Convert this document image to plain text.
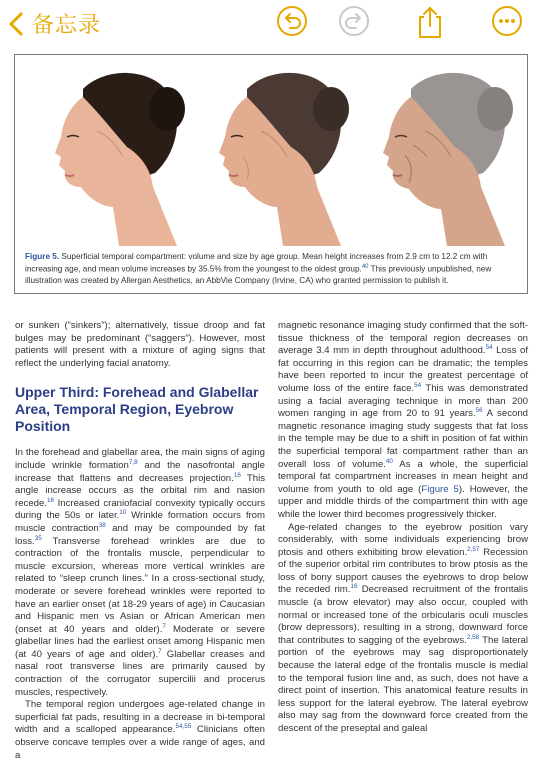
备忘录
Figure 5. Superficial temporal compartment: volume and size by age group. Mean height increases from 2.9 cm to 12.2 cm with increasing age, and mean volume increases by 35.5% from the youngest to the oldest group.$^{40}$ This previously unpublished, new illustration was created by Allergan Aesthetics, an AbbVie Company (Irvine, CA) who granted permission to publish it.

or sunken (“sinkers”); alternatively, tissue droop and fat bulges may be predominant (“saggers”). However, most patients will present with a mixture of aging signs that reflect the underlying facial anatomy.

Upper Third: Forehead and Glabellar Area, Temporal Region, Eyebrow Position

In the forehead and glabellar area, the main signs of aging include wrinkle formation$^{7,8}$ and the nasofrontal angle increase that flattens and decreases projection.$^{16}$ This angle increase occurs as the orbital rim and nasion recede.$^{16}$ Increased craniofacial convexity typically occurs during the 50s or later.$^{10}$ Wrinkle formation occurs from muscle contraction$^{38}$ and may be compounded by fat loss.$^{35}$ Transverse forehead wrinkles are due to contraction of the frontalis muscle, perpendicular to muscle excursion, whereas more vertical wrinkles are related to “sleep crunch lines.” In a cross-sectional study, moderate or severe forehead wrinkles were reported to have an earlier onset (at 18-29 years of age) in Caucasian and Hispanic men vs Asian or African American men (onset at 40 years and older).$^7$ Moderate or severe glabellar lines had the earliest onset among Hispanic men (at 40 years of age and older).$^7$ Glabellar creases and nasal root transverse lines are primarily caused by contraction of the corrugator supercilii and procerus muscles, respectively.

The temporal region undergoes age-related change in superficial fat pads, resulting in a decrease in bi-temporal width and a scalloped appearance.$^{54,55}$ Clinicians often observe concave temples over a wide range of ages, and a

magnetic resonance imaging study confirmed that the soft-tissue thickness of the temporal region decreases on average 3.4 mm in depth throughout adulthood.$^{54}$ Loss of fat occurring in this region can be dramatic; the temples have been reported to incur the greatest percentage of volume loss of the entire face.$^{54}$ This was demonstrated using a facial averaging technique in more than 200 women ranging in age from 20 to 91 years.$^{56}$ A second magnetic resonance imaging study suggests that fat loss in the temple may be due to a shift in position of fat within the superficial temporal fat compartment rather than an overall loss of volume.$^{40}$ As a whole, the superficial temporal fat compartment increases in mean height and volume from youth to old age (Figure 5). However, the upper and middle thirds of the compartment thin with age while the lower third becomes progressively thicker.

Age-related changes to the eyebrow position vary considerably, with some individuals experiencing brow ptosis and others exhibiting brow elevation.$^{2,57}$ Recession of the superior orbital rim contributes to brow ptosis as the loss of bony support causes the eyebrows to drop below the receded rim.$^{16}$ Decreased recruitment of the frontalis muscle (a brow elevator) may also occur, coupled with normal or increased tone of the orbicularis oculi muscles (brow depressors), resulting in a strong, downward force that contributes to sagging of the eyebrows.$^{2,58}$ The lateral portion of the eyebrows may sag disproportionately because the lateral edge of the frontalis muscle is medial to the temporal fusion line and, as such, does not have a direct point of insertion. This anatomical feature results in less support for the lateral eyebrow. The lateral eyebrow also may sag from the downward force created from the descent of the preseptal and galeal
